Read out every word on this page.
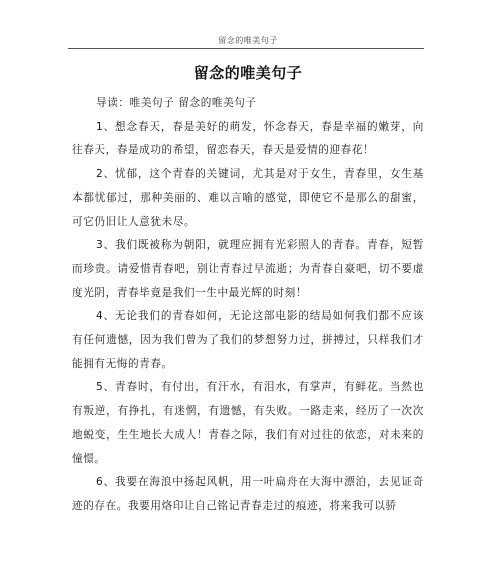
留念的唯美句子
留念的唯美句子

导读：唯美句子 留念的唯美句子

1、想念春天，春是美好的萌发，怀念春天，春是幸福的嫩芽，向往春天，春是成功的希望，留恋春天，春天是爱情的迎春花！

2、忧郁，这个青春的关键词，尤其是对于女生，青春里，女生基本都忧郁过，那种美丽的、难以言喻的感觉，即使它不是那么的甜蜜，可它仍旧让人意犹未尽。

3、我们既被称为朝阳，就理应拥有光彩照人的青春。青春，短暂而珍贵。请爱惜青春吧，别让青春过早流逝；为青春自豪吧，切不要虚度光阴，青春毕竟是我们一生中最光辉的时刻！

4、无论我们的青春如何，无论这部电影的结局如何我们都不应该有任何遗憾，因为我们曾为了我们的梦想努力过，拼搏过，只样我们才能拥有无悔的青春。

5、青春时，有付出，有汗水，有泪水，有掌声，有鲜花。当然也有叛逆，有挣扎，有迷惘，有遗憾，有失败。一路走来，经历了一次次地蜕变，生生地长大成人！青春之际，我们有对过往的依恋，对未来的憧憬。

6、我要在海浪中扬起风帆，用一叶扁舟在大海中漂泊，去见证奇迹的存在。我要用烙印让自己铭记青春走过的痕迹，将来我可以骄
